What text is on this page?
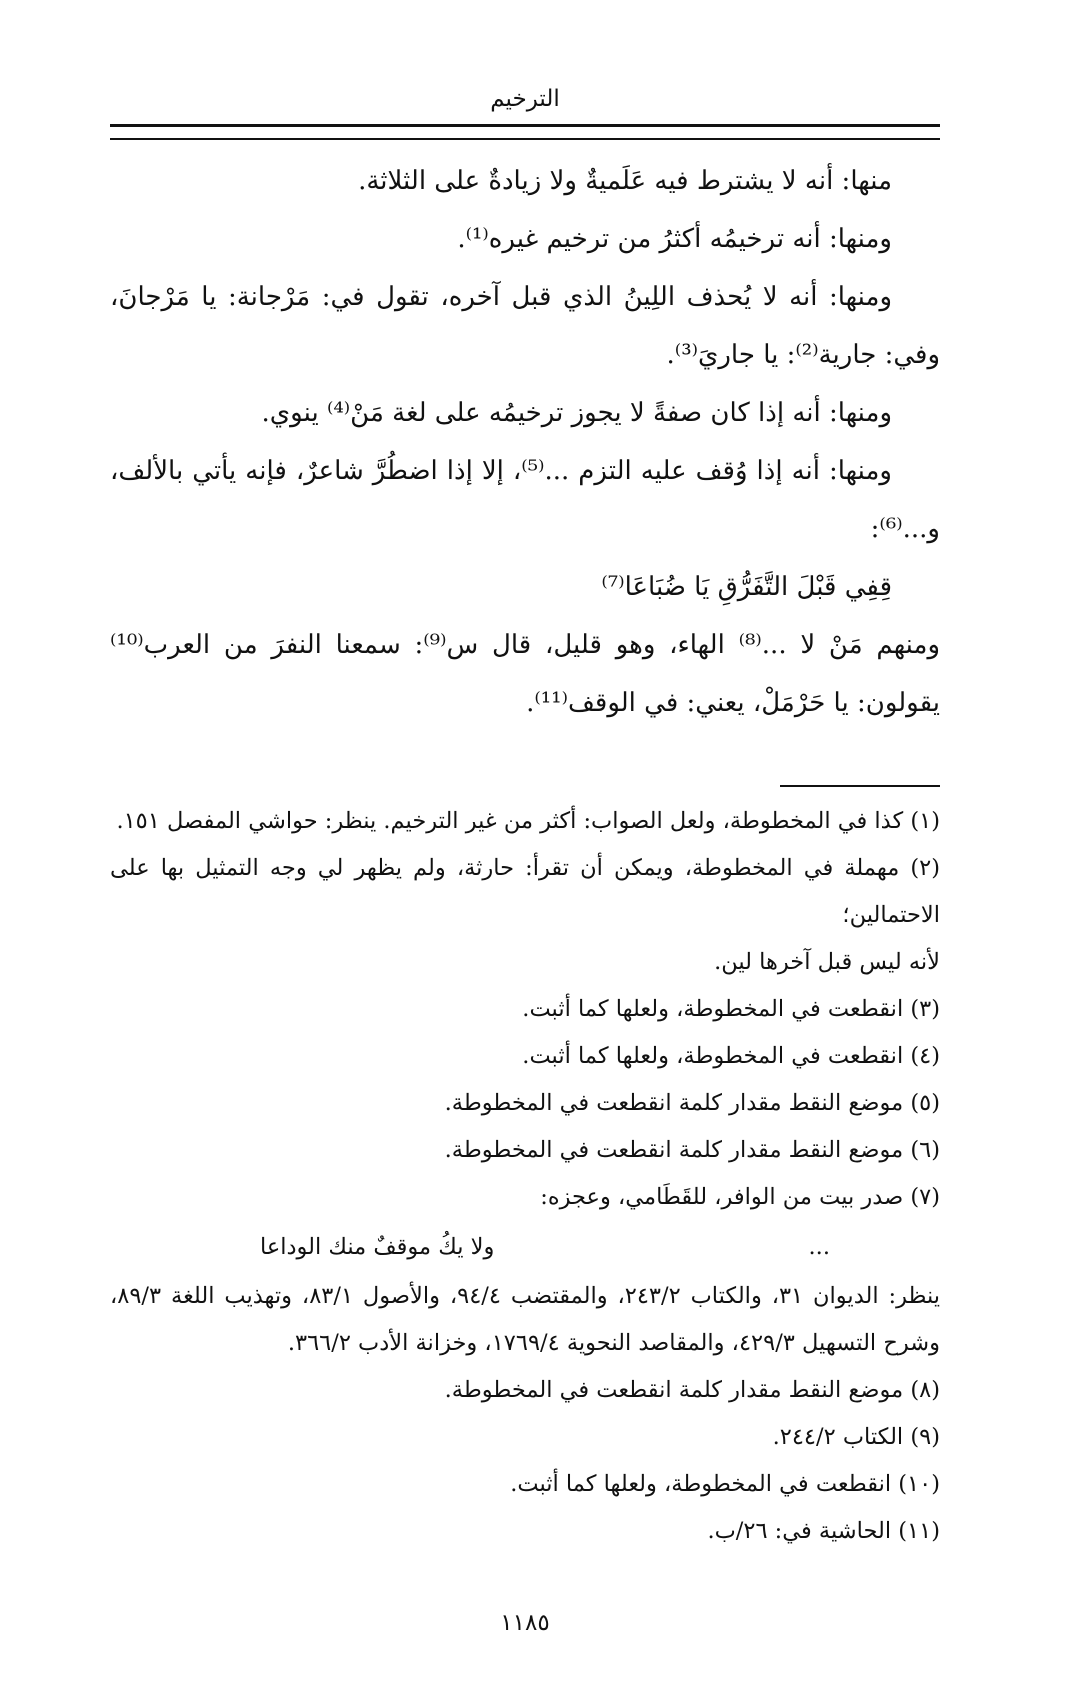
الترخيم

منها: أنه لا يشترط فيه عَلَميةٌ ولا زيادةٌ على الثلاثة.

ومنها: أنه ترخيمُه أكثرُ من ترخيم غيره⁽¹⁾.

ومنها: أنه لا يُحذف اللِينُ الذي قبل آخره، تقول في: مَرْجانة: يا مَرْجانَ، وفي: جارية⁽²⁾: يا جاريَ⁽³⁾.

ومنها: أنه إذا كان صفةً لا يجوز ترخيمُه على لغة مَنْ⁽⁴⁾ ينوي.

ومنها: أنه إذا وُقف عليه التزم ...⁽⁵⁾، إلا إذا اضطُرَّ شاعرٌ، فإنه يأتي بالألف، و...⁽⁶⁾:

قِفِي قَبْلَ التَّفَرُّقِ يَا ضُبَاعَا⁽⁷⁾

ومنهم مَنْ لا ...⁽⁸⁾ الهاء، وهو قليل، قال س⁽⁹⁾: سمعنا النفرَ من العرب⁽¹⁰⁾ يقولون: يا حَرْمَلْ، يعني: في الوقف⁽¹¹⁾.

(١) كذا في المخطوطة، ولعل الصواب: أكثر من غير الترخيم. ينظر: حواشي المفصل ١٥١.

(٢) مهملة في المخطوطة، ويمكن أن تقرأ: حارثة، ولم يظهر لي وجه التمثيل بها على الاحتمالين؛

لأنه ليس قبل آخرها لين.

(٣) انقطعت في المخطوطة، ولعلها كما أثبت.

(٤) انقطعت في المخطوطة، ولعلها كما أثبت.

(٥) موضع النقط مقدار كلمة انقطعت في المخطوطة.

(٦) موضع النقط مقدار كلمة انقطعت في المخطوطة.

(٧) صدر بيت من الوافر، للقَطَامي، وعجزه:

...
ولا يكُ موقفٌ منك الوداعا

ينظر: الديوان ٣١، والكتاب ٢٤٣/٢، والمقتضب ٩٤/٤، والأصول ٨٣/١، وتهذيب اللغة ٨٩/٣، وشرح التسهيل ٤٢٩/٣، والمقاصد النحوية ١٧٦٩/٤، وخزانة الأدب ٣٦٦/٢.

(٨) موضع النقط مقدار كلمة انقطعت في المخطوطة.

(٩) الكتاب ٢٤٤/٢.

(١٠) انقطعت في المخطوطة، ولعلها كما أثبت.

(١١) الحاشية في: ٢٦/ب.

١١٨٥
